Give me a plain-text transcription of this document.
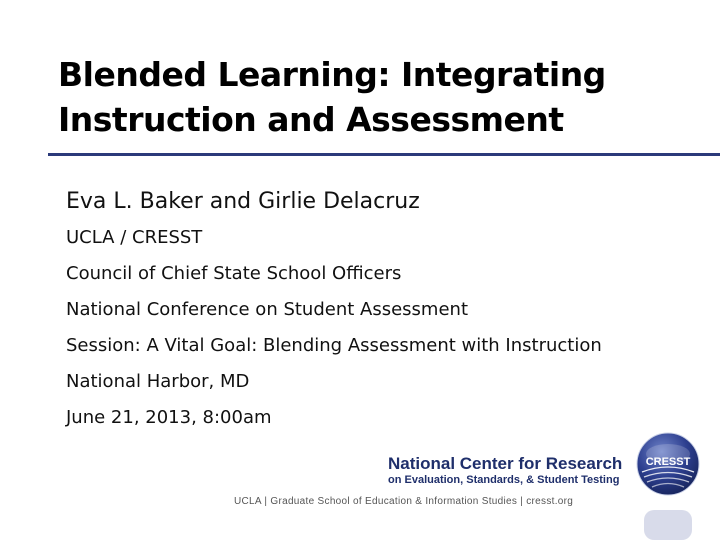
Blended Learning: Integrating
Instruction and Assessment
Eva L. Baker and Girlie Delacruz
UCLA / CRESST
Council of Chief State School Officers
National Conference on Student Assessment
Session: A Vital Goal: Blending Assessment with Instruction
National Harbor, MD
June 21, 2013, 8:00am
National Center for Research
on Evaluation, Standards, & Student Testing
UCLA | Graduate School of Education & Information Studies | cresst.org
CRESST
